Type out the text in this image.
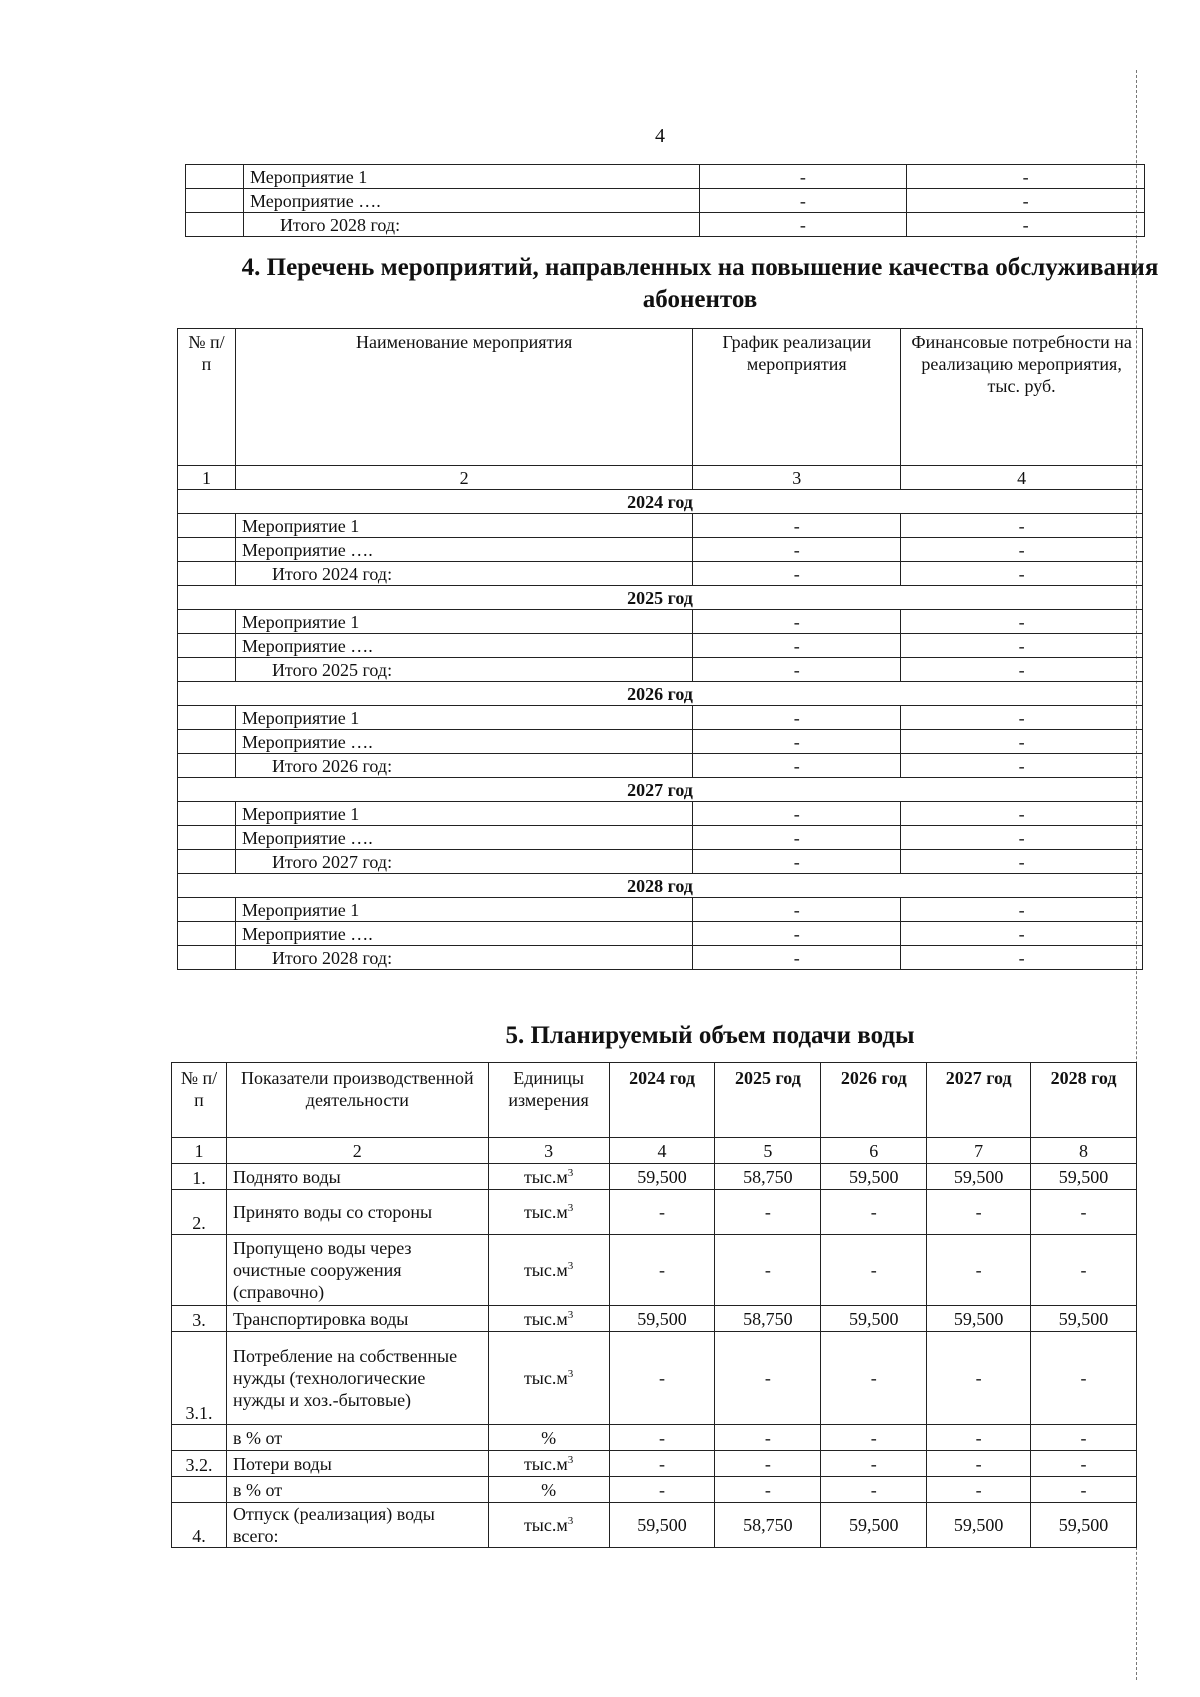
4
	Мероприятие 1	-	-
	Мероприятие ….	-	-
	Итого 2028 год:	-	-
4. Перечень мероприятий, направленных на повышение качества обслуживания абонентов
№ п/п	Наименование мероприятия	График реализации мероприятия	Финансовые потребности на реализацию мероприятия, тыс. руб.
1	2	3	4
2024 год			
	Мероприятие 1	-	-
	Мероприятие ….	-	-
	Итого 2024 год:	-	-
2025 год			
	Мероприятие 1	-	-
	Мероприятие ….	-	-
	Итого 2025 год:	-	-
2026 год			
	Мероприятие 1	-	-
	Мероприятие ….	-	-
	Итого 2026 год:	-	-
2027 год			
	Мероприятие 1	-	-
	Мероприятие ….	-	-
	Итого 2027 год:	-	-
2028 год			
	Мероприятие 1	-	-
	Мероприятие ….	-	-
	Итого 2028 год:	-	-
5. Планируемый объем подачи воды
№ п/п	Показатели производственной деятельности	Единицы измерения	2024 год	2025 год	2026 год	2027 год	2028 год
1	2	3	4	5	6	7	8
1.	Поднято воды	$тыс.м^3$	59,500	58,750	59,500	59,500	59,500
2.	Принято воды со стороны	$тыс.м^3$	-	-	-	-	-
	Пропущено воды через очистные сооружения (справочно)	$тыс.м^3$	-	-	-	-	-
3.	Транспортировка воды	$тыс.м^3$	59,500	58,750	59,500	59,500	59,500
3.1.	Потребление на собственные нужды (технологические нужды и хоз.-бытовые)	$тыс.м^3$	-	-	-	-	-
	в % от	%	-	-	-	-	-
3.2.	Потери воды	$тыс.м^3$	-	-	-	-	-
	в % от	%	-	-	-	-	-
4.	Отпуск (реализация) воды всего:	$тыс.м^3$	59,500	58,750	59,500	59,500	59,500
